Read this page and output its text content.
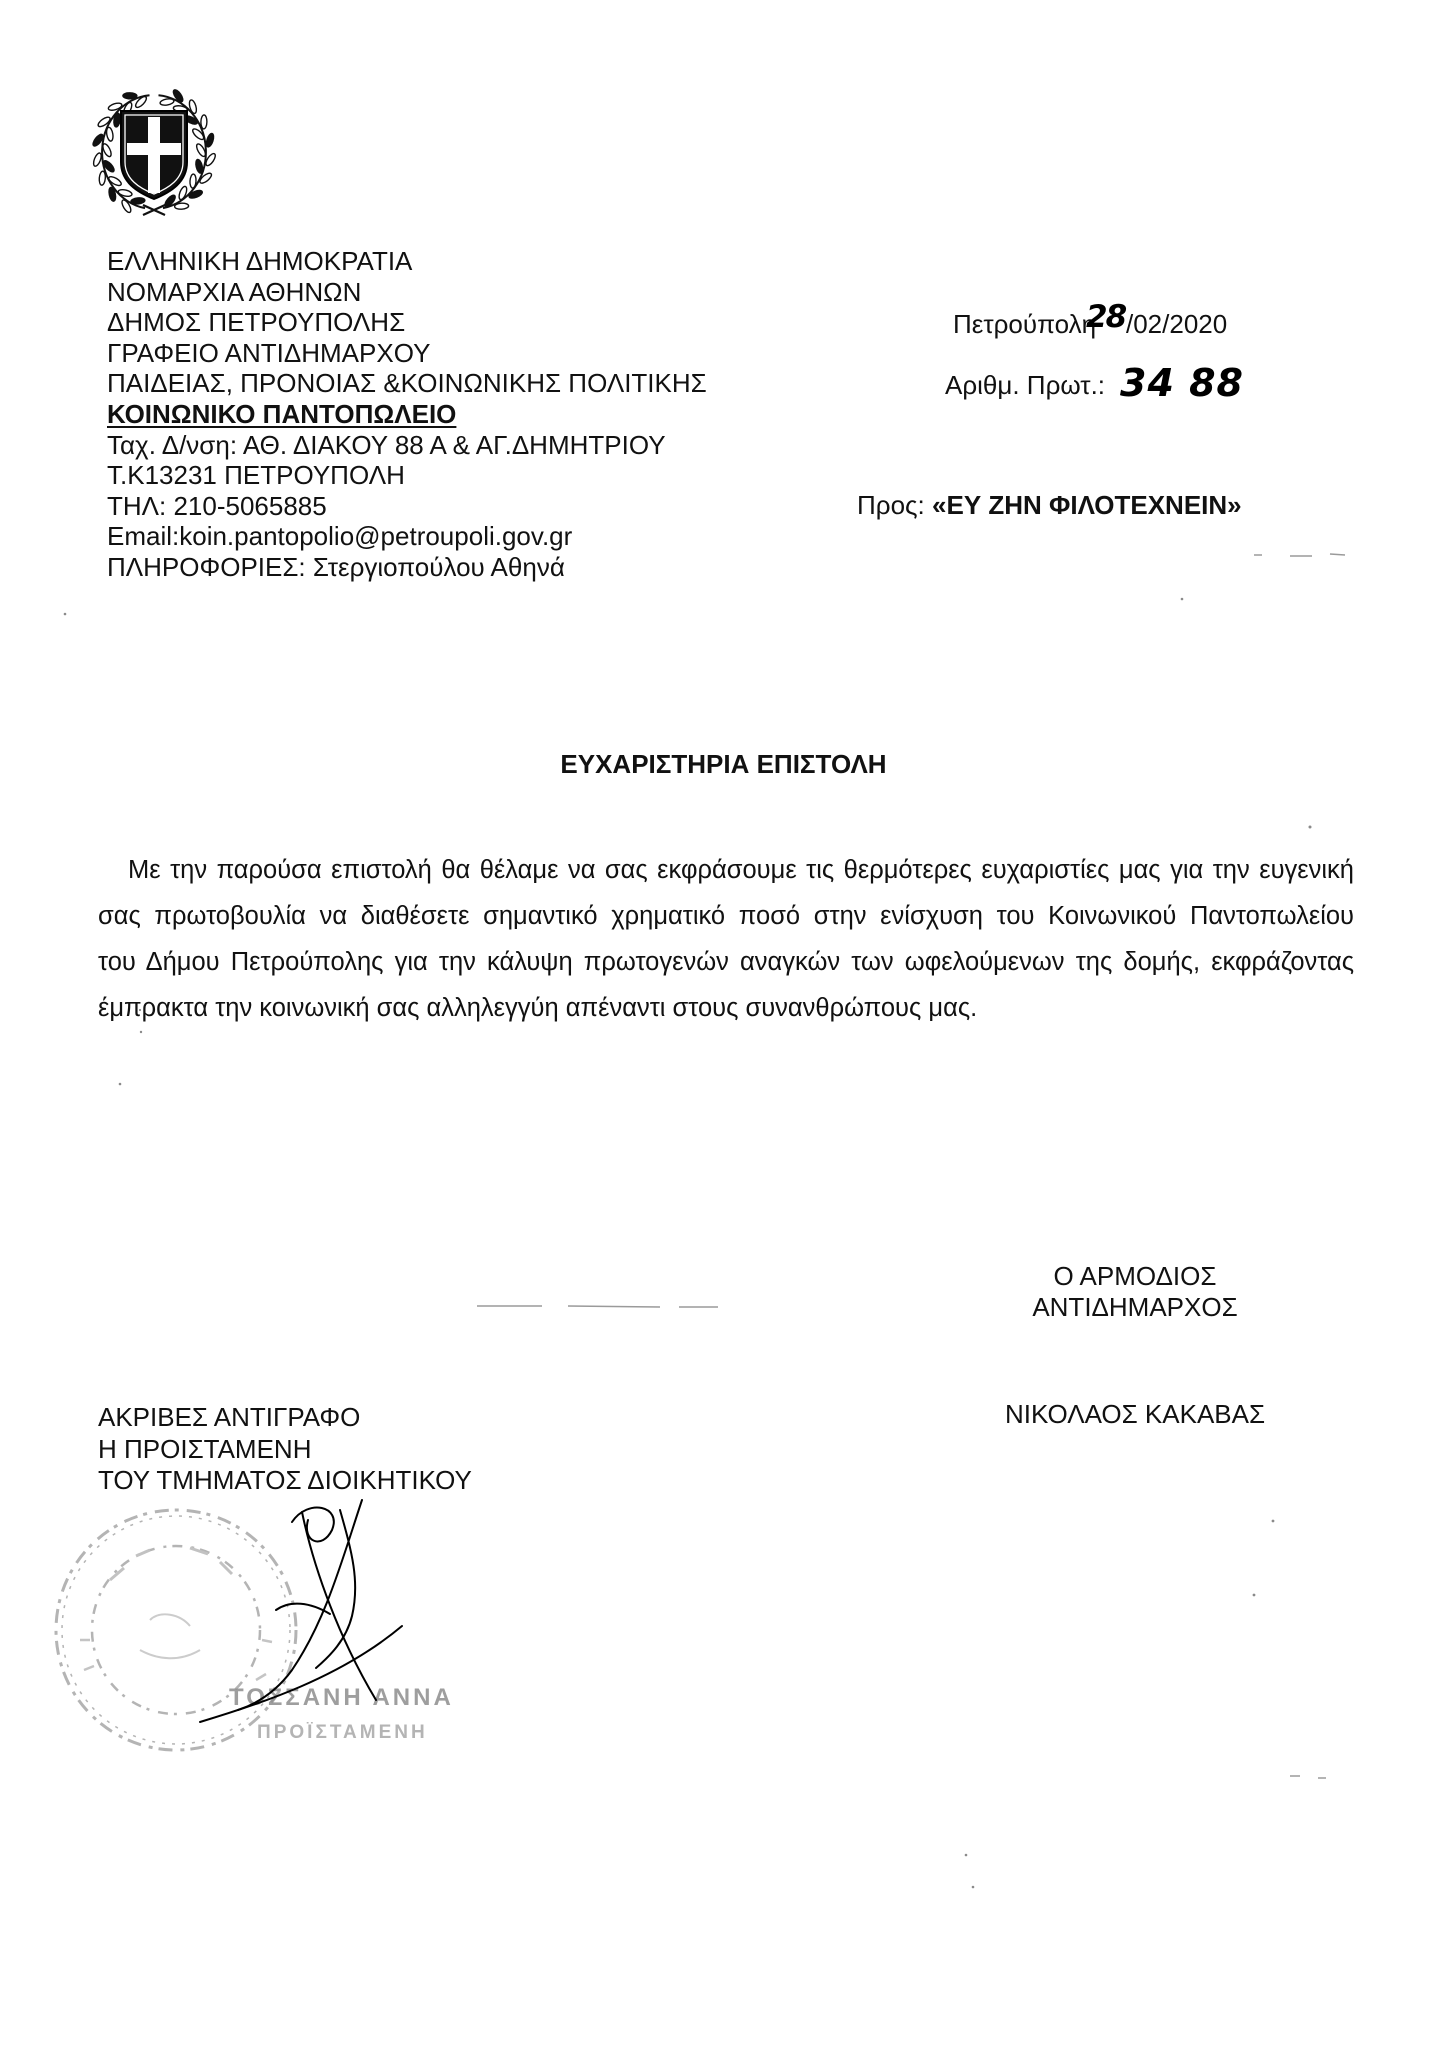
ΕΛΛΗΝΙΚΗ ΔΗΜΟΚΡΑΤΙΑ
ΝΟΜΑΡΧΙΑ ΑΘΗΝΩΝ
ΔΗΜΟΣ ΠΕΤΡΟΥΠΟΛΗΣ
ΓΡΑΦΕΙΟ ΑΝΤΙΔΗΜΑΡΧΟΥ
ΠΑΙΔΕΙΑΣ, ΠΡΟΝΟΙΑΣ &ΚΟΙΝΩΝΙΚΗΣ ΠΟΛΙΤΙΚΗΣ
ΚΟΙΝΩΝΙΚΟ ΠΑΝΤΟΠΩΛΕΙΟ
Ταχ. Δ/νση: ΑΘ. ΔΙΑΚΟΥ 88 Α & ΑΓ.ΔΗΜΗΤΡΙΟΥ
Τ.Κ13231 ΠΕΤΡΟΥΠΟΛΗ
ΤΗΛ: 210-5065885
Email:koin.pantopolio@petroupoli.gov.gr
ΠΛΗΡΟΦΟΡΙΕΣ: Στεργιοπούλου Αθηνά
Πετρούπολη
28 /02/2020
Αριθμ. Πρωτ.: 34 88
Προς: «ΕΥ ΖΗΝ ΦΙΛΟΤΕΧΝΕΙΝ»
ΕΥΧΑΡΙΣΤΗΡΙΑ ΕΠΙΣΤΟΛΗ
Με την παρούσα επιστολή θα θέλαμε να σας εκφράσουμε τις θερμότερες ευχαριστίες μας για την ευγενική
σας πρωτοβουλία να διαθέσετε σημαντικό χρηματικό ποσό στην ενίσχυση του Κοινωνικού Παντοπωλείου
του Δήμου Πετρούπολης για την κάλυψη πρωτογενών αναγκών των ωφελούμενων της δομής, εκφράζοντας
έμπρακτα την κοινωνική σας αλληλεγγύη απέναντι στους συνανθρώπους μας.
Ο ΑΡΜΟΔΙΟΣ
ΑΝΤΙΔΗΜΑΡΧΟΣ
ΝΙΚΟΛΑΟΣ ΚΑΚΑΒΑΣ
ΑΚΡΙΒΕΣ ΑΝΤΙΓΡΑΦΟ
Η ΠΡΟΙΣΤΑΜΕΝΗ
ΤΟΥ ΤΜΗΜΑΤΟΣ ΔΙΟΙΚΗΤΙΚΟΥ
ΤΟΣΣΑΝΗ ΑΝΝΑ
ΠΡΟΪΣΤΑΜΕΝΗ
